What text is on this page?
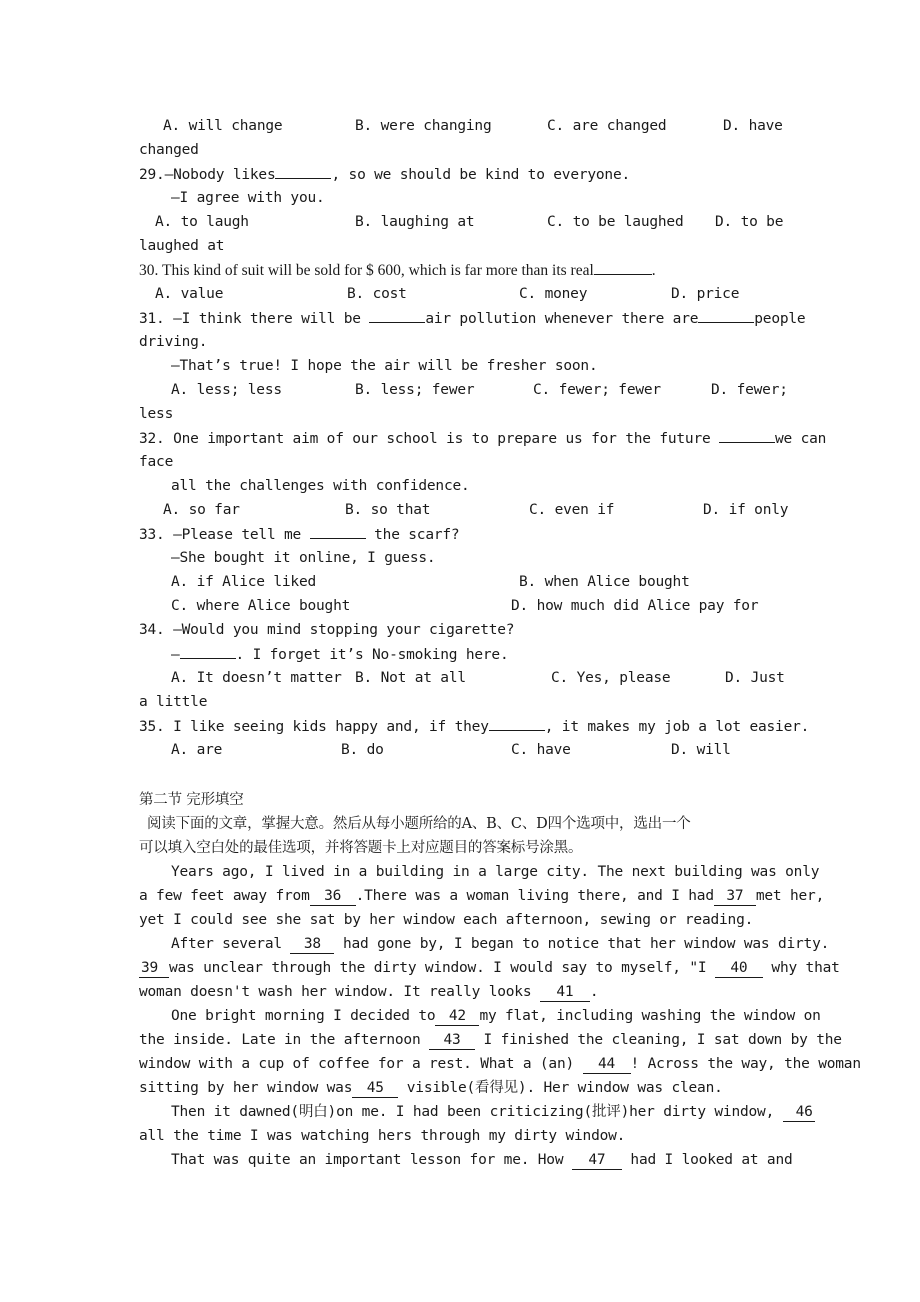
A. will change

	B. were changing

	C. are changed

	D. have

changed
29.—Nobody likes	, so we should be kind to everyone.
—I agree with you.

A. to laugh

	B. laughing at

	C. to be laughed

D. to be

laughed at
30. This kind of suit will be sold for $ 600, which is far more than its real	.

A. value

	B. cost

	C. money

	D. price

31. —I think there will be	air pollution whenever there are	people
driving.
—That’s true! I hope the air will be fresher soon.

A. less; less

	B. less; fewer

	C. fewer; fewer

	D. fewer;

less
32. One important aim of our school is to prepare us for the future	we can
face
all the challenges with confidence.

A. so far

	B. so that

	C. even if

	D. if only

33. —Please tell me	the scarf?
—She bought it online, I guess.

A. if Alice liked

	B. when Alice bought

C. where Alice bought

	D. how much did Alice pay for

34. —Would you mind stopping your cigarette?
—	. I forget it’s No-smoking here.

A. It doesn’t matter

B. Not at all

	C. Yes, please

	D. Just

a little
35. I like seeing kids happy and, if they	, it makes my job a lot easier.

A. are

	B. do

	C. have

	D. will

第二节 完形填空
阅读下面的文章，掌握大意。然后从每小题所给的A、B、C、D四个选项中，选出一个
可以填入空白处的最佳选项，并将答题卡上对应题目的答案标号涂黑。
Years ago, I lived in a building in a large city. The next building was only
a few feet away from 36 .There was a woman living there, and I had 37 met her,
yet I could see she sat by her window each afternoon, sewing or reading.
After several 38 had gone by, I began to notice that her window was dirty.
39 was unclear through the dirty window. I would say to myself, "I 40 why that
woman doesn't wash her window. It really looks 41 .
One bright morning I decided to 42 my flat, including washing the window on
the inside. Late in the afternoon 43 I finished the cleaning, I sat down by the
window with a cup of coffee for a rest. What a (an) 44 ! Across the way, the woman
sitting by her window was 45 visible(看得见). Her window was clean.
Then it dawned(明白)on me. I had been criticizing(批评)her dirty window, 46
all the time I was watching hers through my dirty window.
That was quite an important lesson for me. How 47 had I looked at and
